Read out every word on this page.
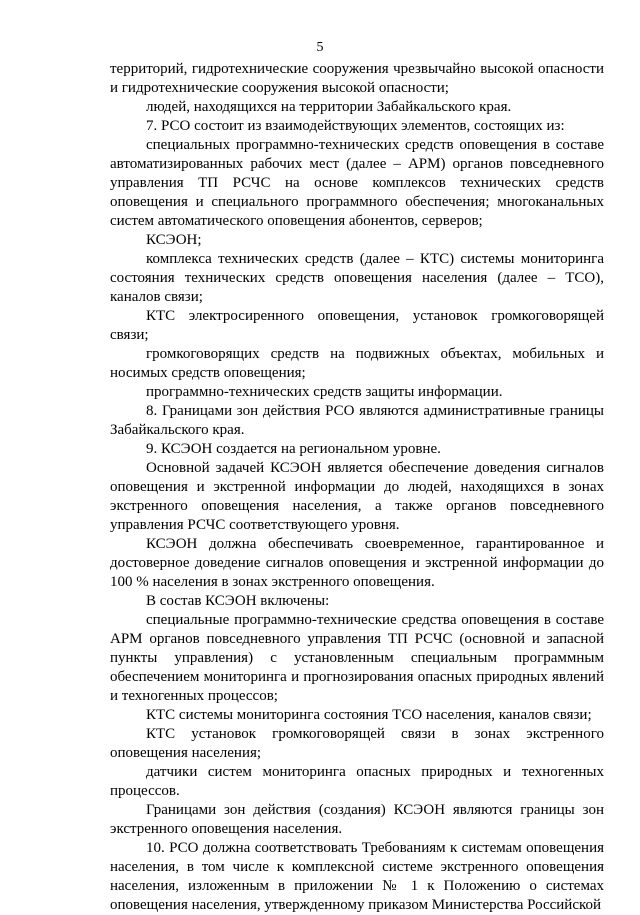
5

территорий, гидротехнические сооружения чрезвычайно высокой опасности и гидротехнические сооружения высокой опасности;

людей, находящихся на территории Забайкальского края.

7. РСО состоит из взаимодействующих элементов, состоящих из:

специальных программно-технических средств оповещения в составе автоматизированных рабочих мест (далее – АРМ) органов повседневного управления ТП РСЧС на основе комплексов технических средств оповещения и специального программного обеспечения; многоканальных систем автоматического оповещения абонентов, серверов;

КСЭОН;

комплекса технических средств (далее – КТС) системы мониторинга состояния технических средств оповещения населения (далее – ТСО), каналов связи;

КТС электросиренного оповещения, установок громкоговорящей связи;

громкоговорящих средств на подвижных объектах, мобильных и носимых средств оповещения;

программно-технических средств защиты информации.

8. Границами зон действия РСО являются административные границы Забайкальского края.

9. КСЭОН создается на региональном уровне.

Основной задачей КСЭОН является обеспечение доведения сигналов оповещения и экстренной информации до людей, находящихся в зонах экстренного оповещения населения, а также органов повседневного управления РСЧС соответствующего уровня.

КСЭОН должна обеспечивать своевременное, гарантированное и достоверное доведение сигналов оповещения и экстренной информации до 100 % населения в зонах экстренного оповещения.

В состав КСЭОН включены:

специальные программно-технические средства оповещения в составе АРМ органов повседневного управления ТП РСЧС (основной и запасной пункты управления) с установленным специальным программным обеспечением мониторинга и прогнозирования опасных природных явлений и техногенных процессов;

КТС системы мониторинга состояния ТСО населения, каналов связи;

КТС установок громкоговорящей связи в зонах экстренного оповещения населения;

датчики систем мониторинга опасных природных и техногенных процессов.

Границами зон действия (создания) КСЭОН являются границы зон экстренного оповещения населения.

10. РСО должна соответствовать Требованиям к системам оповещения населения, в том числе к комплексной системе экстренного оповещения населения, изложенным в приложении № 1 к Положению о системах оповещения населения, утвержденному приказом Министерства Российской
